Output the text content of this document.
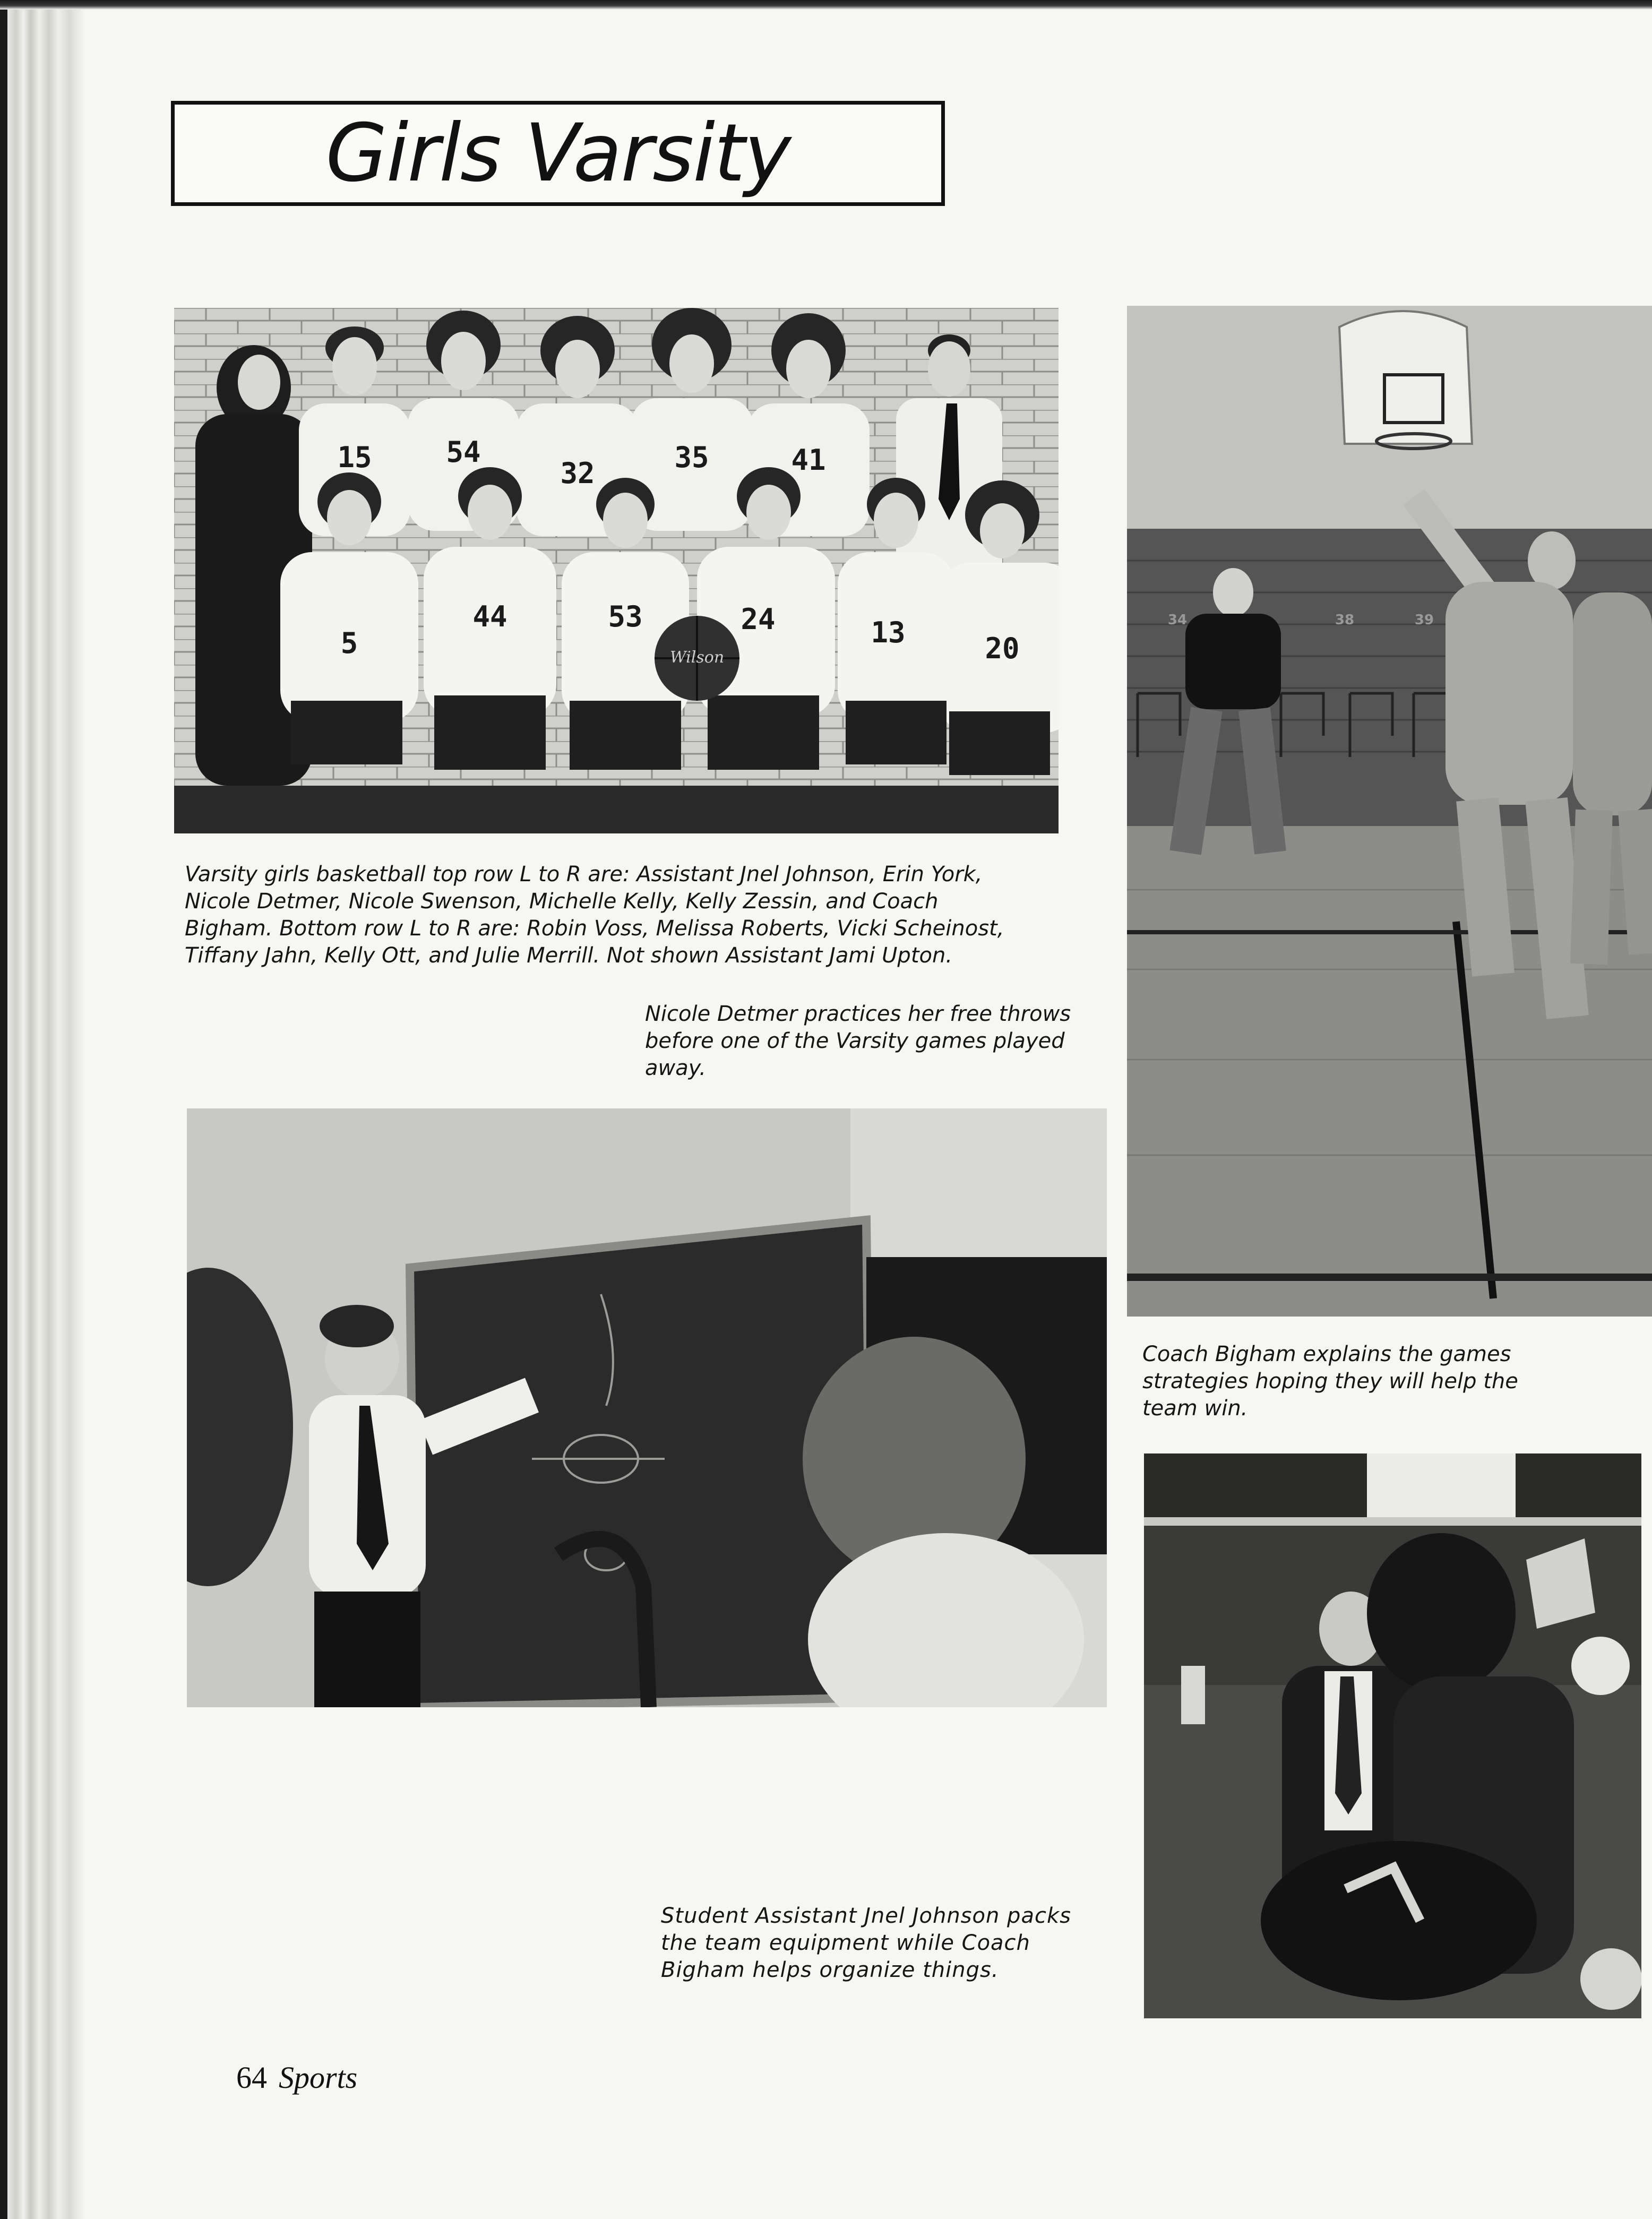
Girls Varsity
15	54
32	35	41
5
44	53	24	13	20
Wilson
Varsity girls basketball top row L to R are: Assistant Jnel Johnson, Erin York,
Nicole Detmer, Nicole Swenson, Michelle Kelly, Kelly Zessin, and Coach
Bigham. Bottom row L to R are: Robin Voss, Melissa Roberts, Vicki Scheinost,
Tiffany Jahn, Kelly Ott, and Julie Merrill. Not shown Assistant Jami Upton.
Nicole Detmer practices her free throws
before one of the Varsity games played
away.
34	38	39
Coach Bigham explains the games
strategies hoping they will help the
team win.
Student Assistant Jnel Johnson packs
the team equipment while Coach
Bigham helps organize things.
64 Sports
